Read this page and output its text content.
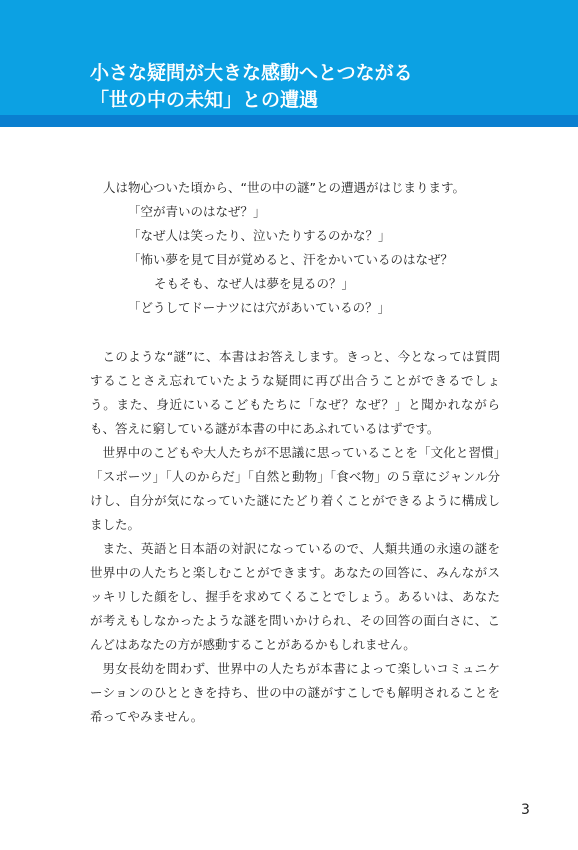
小さな疑問が大きな感動へとつながる
「世の中の未知」との遭遇
人は物心ついた頃から、“世の中の謎”との遭遇がはじまります。
「空が青いのはなぜ？」
「なぜ人は笑ったり、泣いたりするのかな？」
「怖い夢を見て目が覚めると、汗をかいているのはなぜ？
そもそも、なぜ人は夢を見るの？」
「どうしてドーナツには穴があいているの？」

このような“謎”に、本書はお答えします。きっと、今となっては質問することさえ忘れていたような疑問に再び出合うことができるでしょう。また、身近にいるこどもたちに「なぜ？なぜ？」と聞かれながらも、答えに窮している謎が本書の中にあふれているはずです。

世界中のこどもや大人たちが不思議に思っていることを「文化と習慣」「スポーツ」「人のからだ」「自然と動物」「食べ物」の５章にジャンル分けし、自分が気になっていた謎にたどり着くことができるように構成しました。

また、英語と日本語の対訳になっているので、人類共通の永遠の謎を世界中の人たちと楽しむことができます。あなたの回答に、みんながスッキリした顔をし、握手を求めてくることでしょう。あるいは、あなたが考えもしなかったような謎を問いかけられ、その回答の面白さに、こんどはあなたの方が感動することがあるかもしれません。

男女長幼を問わず、世界中の人たちが本書によって楽しいコミュニケーションのひとときを持ち、世の中の謎がすこしでも解明されることを希ってやみません。

3
